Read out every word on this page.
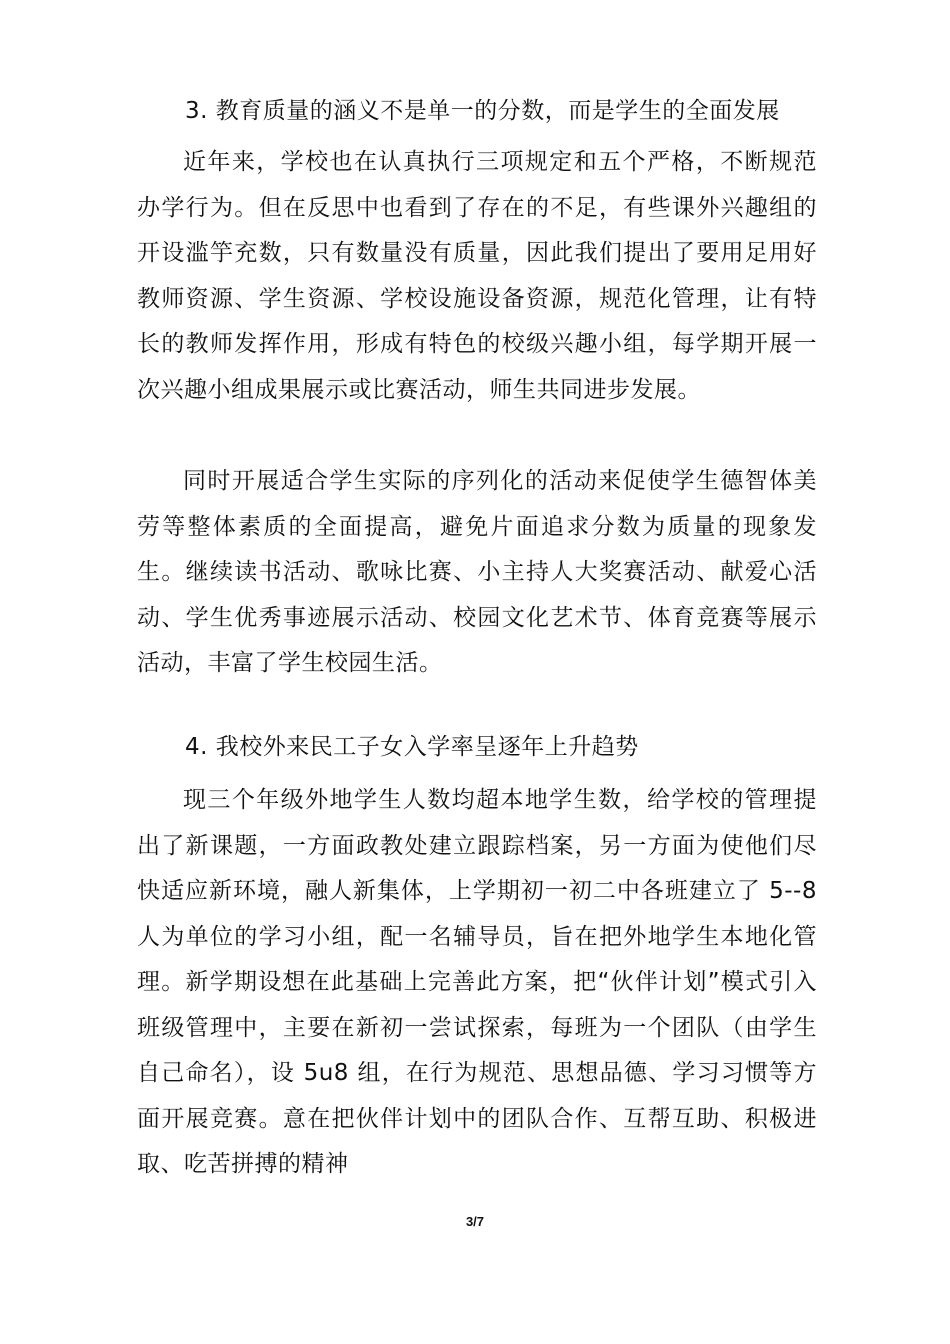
3. 教育质量的涵义不是单一的分数，而是学生的全面发展

近年来，学校也在认真执行三项规定和五个严格，不断规范办学行为。但在反思中也看到了存在的不足，有些课外兴趣组的开设滥竽充数，只有数量没有质量，因此我们提出了要用足用好教师资源、学生资源、学校设施设备资源，规范化管理，让有特长的教师发挥作用，形成有特色的校级兴趣小组，每学期开展一次兴趣小组成果展示或比赛活动，师生共同进步发展。

同时开展适合学生实际的序列化的活动来促使学生德智体美劳等整体素质的全面提高，避免片面追求分数为质量的现象发生。继续读书活动、歌咏比赛、小主持人大奖赛活动、献爱心活动、学生优秀事迹展示活动、校园文化艺术节、体育竞赛等展示活动，丰富了学生校园生活。

4. 我校外来民工子女入学率呈逐年上升趋势

现三个年级外地学生人数均超本地学生数，给学校的管理提出了新课题，一方面政教处建立跟踪档案，另一方面为使他们尽快适应新环境，融人新集体，上学期初一初二中各班建立了 5--8 人为单位的学习小组，配一名辅导员，旨在把外地学生本地化管理。新学期设想在此基础上完善此方案，把“伙伴计划”模式引入班级管理中，主要在新初一尝试探索，每班为一个团队（由学生自己命名），设 5u8 组，在行为规范、思想品德、学习习惯等方面开展竞赛。意在把伙伴计划中的团队合作、互帮互助、积极进取、吃苦拼搏的精神

3/7
